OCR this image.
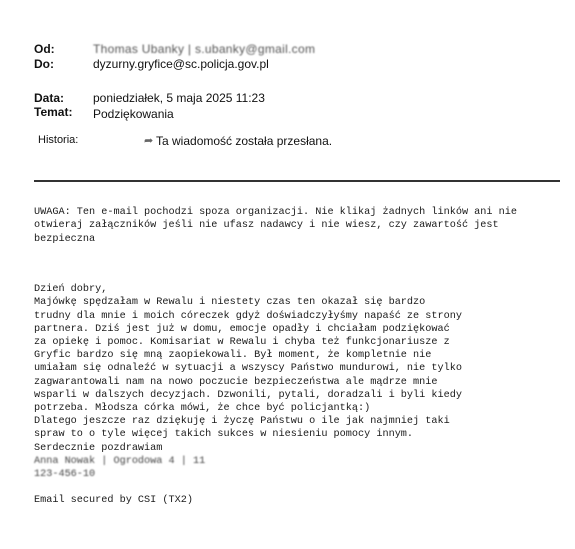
Od:	Thomas Ubanky | s.ubanky@gmail.com
Do:	dyzurny.gryfice@sc.policja.gov.pl
Data: poniedziałek, 5 maja 2025 11:23
Temat: Podziękowania
Historia:	➦ Ta wiadomość została przesłana.

UWAGA: Ten e-mail pochodzi spoza organizacji. Nie klikaj żadnych linków ani nie
otwieraj załączników jeśli nie ufasz nadawcy i nie wiesz, czy zawartość jest
bezpieczna

Dzień dobry,
Majówkę spędzałam w Rewalu i niestety czas ten okazał się bardzo
trudny dla mnie i moich córeczek gdyż doświadczyłyśmy napaść ze strony
partnera. Dziś jest już w domu, emocje opadły i chciałam podziękować
za opiekę i pomoc. Komisariat w Rewalu i chyba też funkcjonariusze z
Gryfic bardzo się mną zaopiekowali. Był moment, że kompletnie nie
umiałam się odnaleźć w sytuacji a wszyscy Państwo mundurowi, nie tylko
zagwarantowali nam na nowo poczucie bezpieczeństwa ale mądrze mnie
wsparli w dalszych decyzjach. Dzwonili, pytali, doradzali i byli kiedy
potrzeba. Młodsza córka mówi, że chce być policjantką:)
Dlatego jeszcze raz dziękuję i życzę Państwu o ile jak najmniej taki
spraw to o tyle więcej takich sukces w niesieniu pomocy innym.
Serdecznie pozdrawiam
Anna Nowak | Ogrodowa 4 | 11
123-456-10

Email secured by CSI (TX2)
